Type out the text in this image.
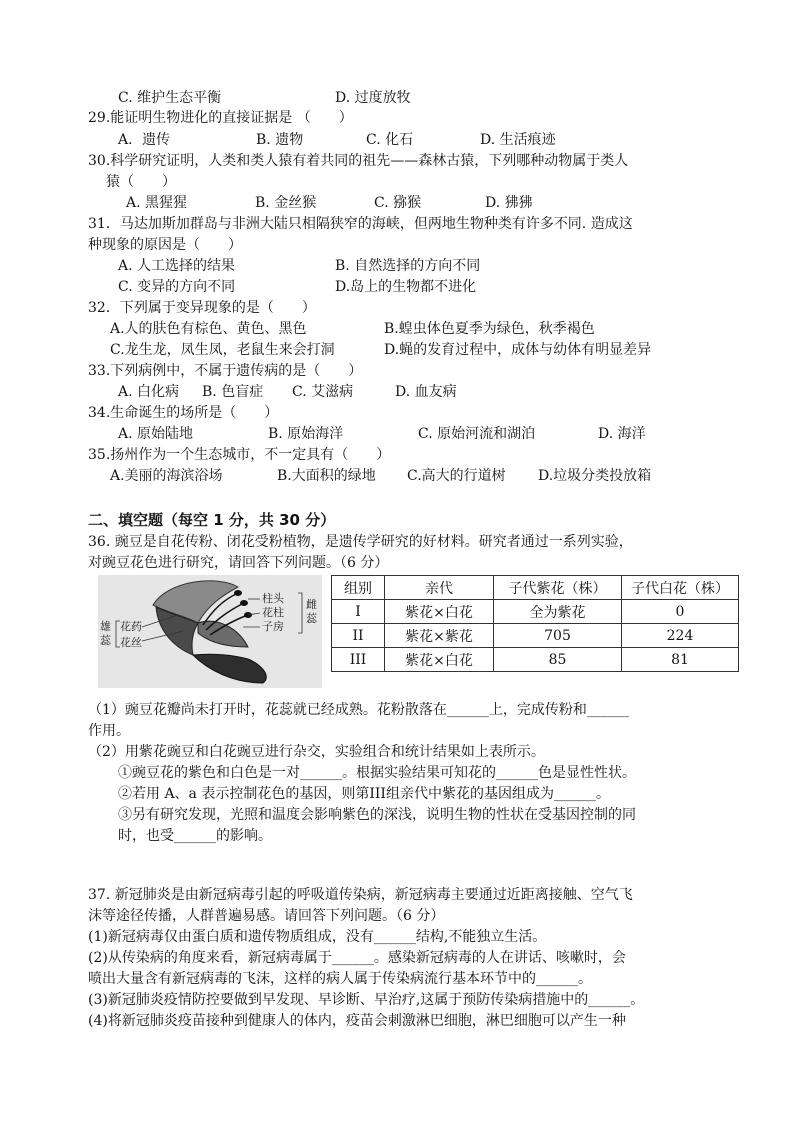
C. 维护生态平衡	D. 过度放牧
29.能证明生物进化的直接证据是 （　　）
A．遗传	B. 遗物	C. 化石	D. 生活痕迹
30.科学研究证明，人类和类人猿有着共同的祖先——森林古猿，下列哪种动物属于类人
猿（　　）
A. 黑猩猩	B. 金丝猴	C. 猕猴	D. 狒狒
31．马达加斯加群岛与非洲大陆只相隔狭窄的海峡，但两地生物种类有许多不同. 造成这
种现象的原因是（　　）
A. 人工选择的结果	B. 自然选择的方向不同
C. 变异的方向不同	D.岛上的生物都不进化
32．下列属于变异现象的是（　　）
A.人的肤色有棕色、黄色、黑色	B.蝗虫体色夏季为绿色，秋季褐色
C.龙生龙，凤生凤，老鼠生来会打洞	D.蝇的发育过程中，成体与幼体有明显差异
33.下列病例中，不属于遗传病的是（　　）
A. 白化病 B. 色盲症 C. 艾滋病	D. 血友病
34.生命诞生的场所是（　　）
A. 原始陆地	B. 原始海洋	C. 原始河流和湖泊	D. 海洋
35.扬州作为一个生态城市，不一定具有（　　）
A.美丽的海滨浴场	B.大面积的绿地 C.高大的行道树 D.垃圾分类投放箱
二、填空题（每空 1 分，共 30 分）
36. 豌豆是自花传粉、闭花受粉植物，是遗传学研究的好材料。研究者通过一系列实验，
对豌豆花色进行研究，请回答下列问题。（6 分）
雄
蕊
花药
花丝
柱头
花柱
子房
雌
蕊
组别	亲代	子代紫花（株）	子代白花（株）
I	紫花×白花	全为紫花	0
II	紫花×紫花	705	224
III	紫花×白花	85	81
（1）豌豆花瓣尚未打开时，花蕊就已经成熟。花粉散落在______上，完成传粉和______
作用。
（2）用紫花豌豆和白花豌豆进行杂交，实验组合和统计结果如上表所示。
①豌豆花的紫色和白色是一对______。根据实验结果可知花的______色是显性性状。
②若用 A、a 表示控制花色的基因，则第III组亲代中紫花的基因组成为______。
③另有研究发现，光照和温度会影响紫色的深浅，说明生物的性状在受基因控制的同
时，也受______的影响。
37. 新冠肺炎是由新冠病毒引起的呼吸道传染病，新冠病毒主要通过近距离接触、空气飞
沫等途径传播，人群普遍易感。请回答下列问题。（6 分）
(1)新冠病毒仅由蛋白质和遗传物质组成，没有______结构,不能独立生活。
(2)从传染病的角度来看，新冠病毒属于______。感染新冠病毒的人在讲话、咳嗽时，会
喷出大量含有新冠病毒的飞沫，这样的病人属于传染病流行基本环节中的______。
(3)新冠肺炎疫情防控要做到早发现、早诊断、早治疗,这属于预防传染病措施中的______。
(4)将新冠肺炎疫苗接种到健康人的体内，疫苗会刺激淋巴细胞，淋巴细胞可以产生一种
